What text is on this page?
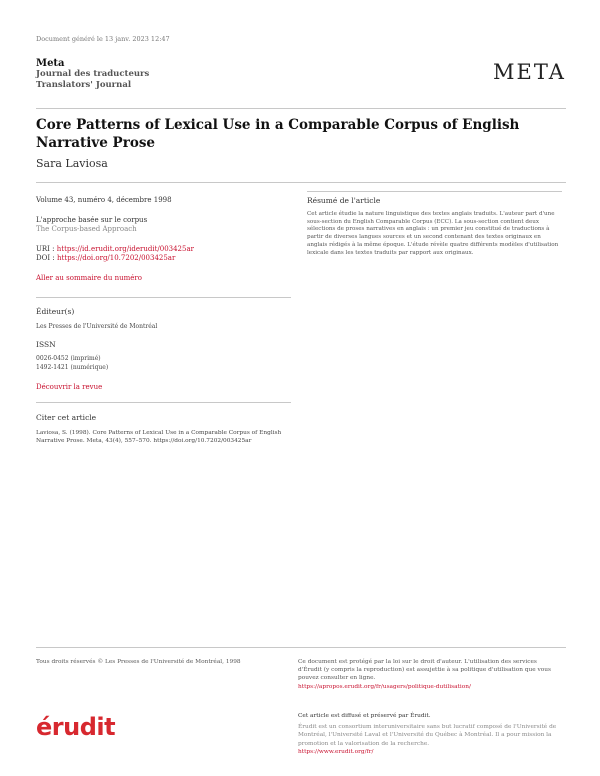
Document généré le 13 janv. 2023 12:47
Meta
Journal des traducteurs
Translators' Journal
META
Core Patterns of Lexical Use in a Comparable Corpus of English Narrative Prose
Sara Laviosa
Volume 43, numéro 4, décembre 1998
L'approche basée sur le corpus
The Corpus-based Approach
URI : https://id.erudit.org/iderudit/003425ar
DOI : https://doi.org/10.7202/003425ar
Aller au sommaire du numéro
Éditeur(s)
Les Presses de l'Université de Montréal
ISSN
0026-0452 (imprimé)
1492-1421 (numérique)
Découvrir la revue
Citer cet article
Laviosa, S. (1998). Core Patterns of Lexical Use in a Comparable Corpus of English Narrative Prose. Meta, 43(4), 557–570. https://doi.org/10.7202/003425ar
Résumé de l'article
Cet article étudie la nature linguistique des textes anglais traduits. L'auteur part d'une sous-section du English Comparable Corpus (ECC). La sous-section contient deux sélections de proses narratives en anglais : un premier jeu constitué de traductions à partir de diverses langues sources et un second contenant des textes originaux en anglais rédigés à la même époque. L'étude révèle quatre différents modèles d'utilisation lexicale dans les textes traduits par rapport aux originaux.
Tous droits réservés © Les Presses de l'Université de Montréal, 1998	Ce document est protégé par la loi sur le droit d'auteur. L'utilisation des services d'Érudit (y compris la reproduction) est assujettie à sa politique d'utilisation que vous pouvez consulter en ligne.
https://apropos.erudit.org/fr/usagers/politique-dutilisation/
érudit	Cet article est diffusé et préservé par Érudit.
Érudit est un consortium interuniversitaire sans but lucratif composé de l'Université de Montréal, l'Université Laval et l'Université du Québec à Montréal. Il a pour mission la promotion et la valorisation de la recherche.
https://www.erudit.org/fr/
